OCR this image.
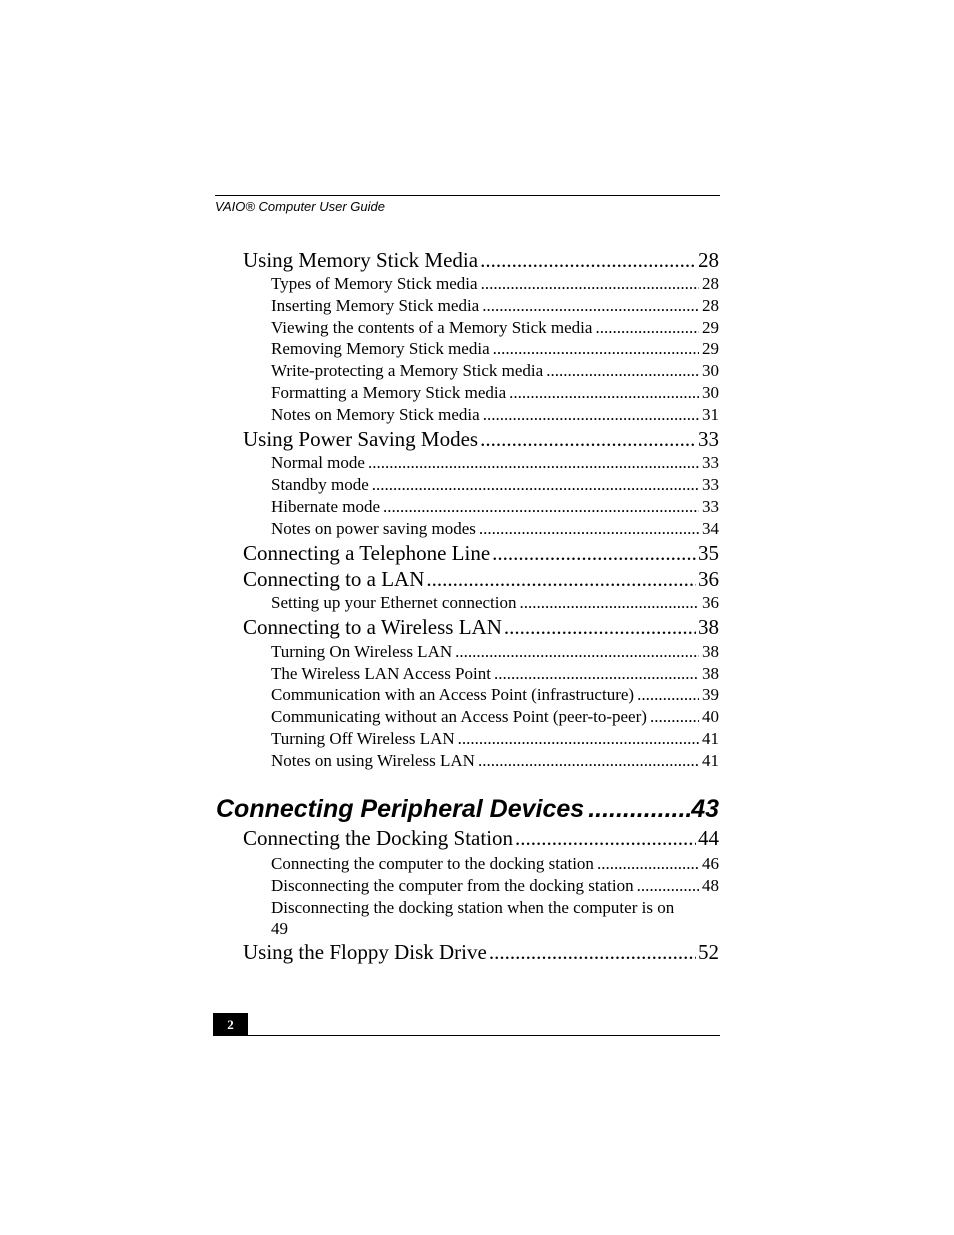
VAIO® Computer User Guide
Using Memory Stick Media .....	28
Types of Memory Stick media .....	28
Inserting Memory Stick media .....	28
Viewing the contents of a Memory Stick media .....	29
Removing Memory Stick media .....	29
Write-protecting a Memory Stick media .....	30
Formatting a Memory Stick media .....	30
Notes on Memory Stick media .....	31
Using Power Saving Modes .....	33
Normal mode .....	33
Standby mode .....	33
Hibernate mode .....	33
Notes on power saving modes .....	34
Connecting a Telephone Line .....	35
Connecting to a LAN .....	36
Setting up your Ethernet connection .....	36
Connecting to a Wireless LAN .....	38
Turning On Wireless LAN .....	38
The Wireless LAN Access Point .....	38
Communication with an Access Point (infrastructure) .....	39
Communicating without an Access Point (peer-to-peer) .....	40
Turning Off Wireless LAN .....	41
Notes on using Wireless LAN .....	41
Connecting Peripheral Devices .....	43
Connecting the Docking Station .....	44
Connecting the computer to the docking station .....	46
Disconnecting the computer from the docking station .....	48
Disconnecting the docking station when the computer is on
49
Using the Floppy Disk Drive .....	52
2
